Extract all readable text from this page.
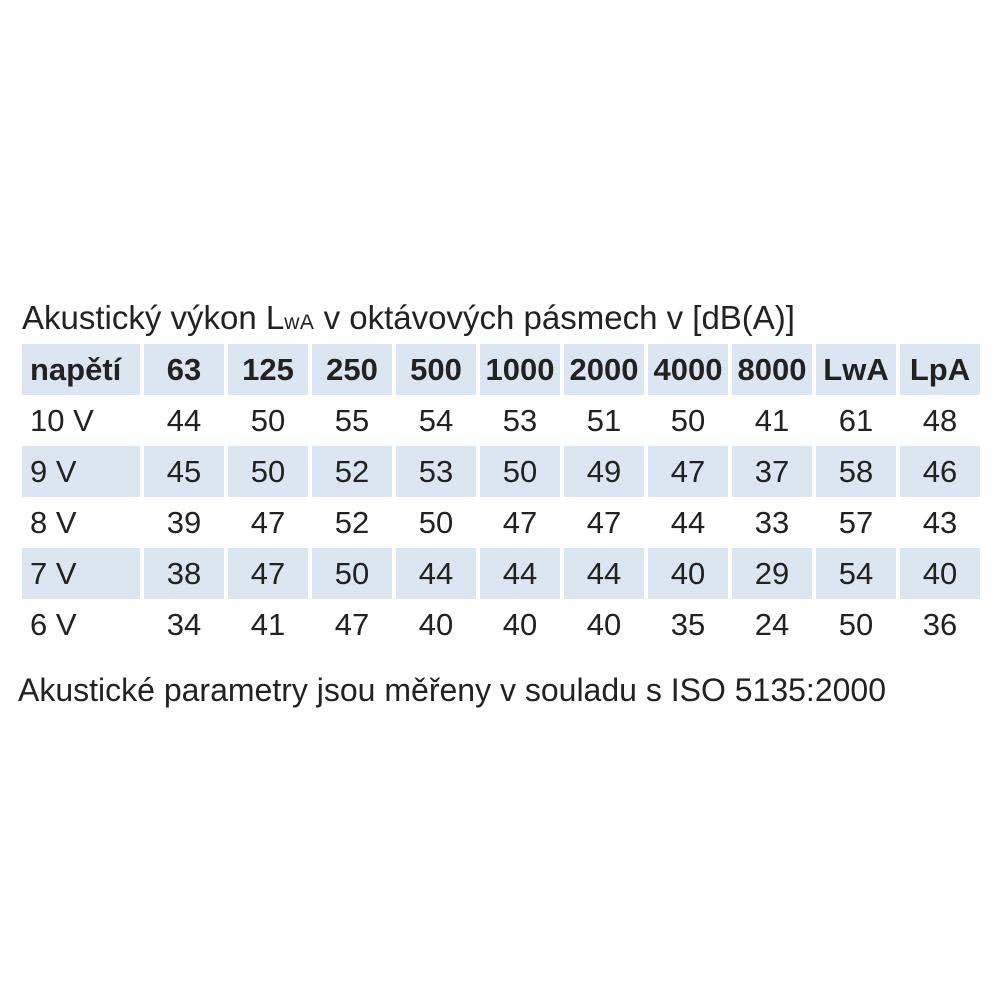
Akustický výkon LwA v oktávových pásmech v [dB(A)]
napětí	63	125	250	500	1000	2000	4000	8000	LwA	LpA
10 V	44	50	55	54	53	51	50	41	61	48
9 V	45	50	52	53	50	49	47	37	58	46
8 V	39	47	52	50	47	47	44	33	57	43
7 V	38	47	50	44	44	44	40	29	54	40
6 V	34	41	47	40	40	40	35	24	50	36
Akustické parametry jsou měřeny v souladu s ISO 5135:2000
